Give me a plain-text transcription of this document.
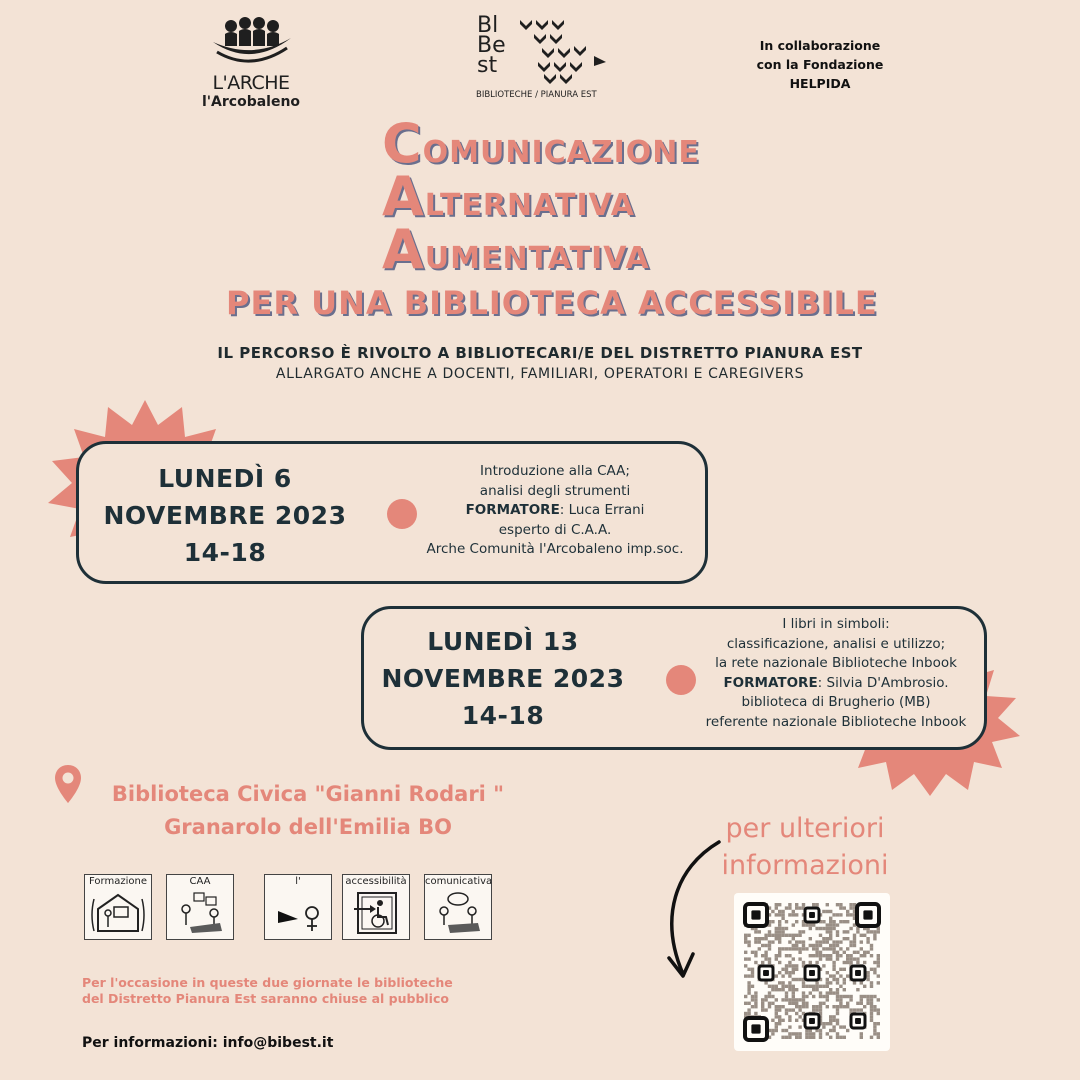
L'ARCHE
l'Arcobaleno
Bl
Be
st
BIBLIOTECHE / PIANURA EST
In collaborazione
con la Fondazione
HELPIDA
COMUNICAZIONE
ALTERNATIVA
AUMENTATIVA
PER UNA BIBLIOTECA ACCESSIBILE
IL PERCORSO È RIVOLTO A BIBLIOTECARI/E DEL DISTRETTO PIANURA EST
ALLARGATO ANCHE A DOCENTI, FAMILIARI, OPERATORI E CAREGIVERS
LUNEDÌ 6
NOVEMBRE 2023
14-18
Introduzione alla CAA;
analisi degli strumenti
FORMATORE: Luca Errani
esperto di C.A.A.
Arche Comunità l'Arcobaleno imp.soc.
LUNEDÌ 13
NOVEMBRE 2023
14-18
I libri in simboli:
classificazione, analisi e utilizzo;
la rete nazionale Biblioteche Inbook
FORMATORE: Silvia D'Ambrosio.
biblioteca di Brugherio (MB)
referente nazionale Biblioteche Inbook
Biblioteca Civica "Gianni Rodari "
Granarolo dell'Emilia BO
Formazione	CAA	l'	accessibilità comunicativa
Per l'occasione in queste due giornate le biblioteche
del Distretto Pianura Est saranno chiuse al pubblico
Per informazioni: info@bibest.it
per ulteriori
informazioni
